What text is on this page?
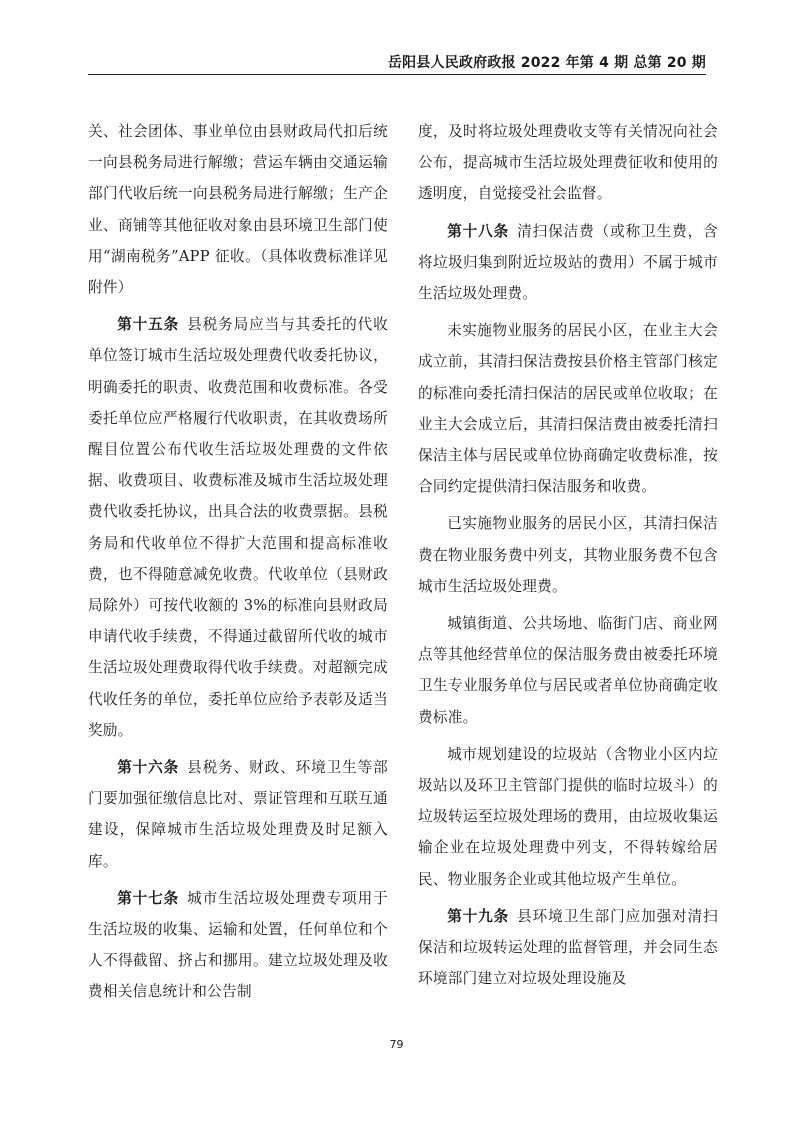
岳阳县人民政府政报 2022 年第 4 期 总第 20 期

关、社会团体、事业单位由县财政局代扣后统一向县税务局进行解缴；营运车辆由交通运输部门代收后统一向县税务局进行解缴；生产企业、商铺等其他征收对象由县环境卫生部门使用“湖南税务”APP 征收。（具体收费标准详见附件）

第十五条 县税务局应当与其委托的代收单位签订城市生活垃圾处理费代收委托协议，明确委托的职责、收费范围和收费标准。各受委托单位应严格履行代收职责，在其收费场所醒目位置公布代收生活垃圾处理费的文件依据、收费项目、收费标准及城市生活垃圾处理费代收委托协议，出具合法的收费票据。县税务局和代收单位不得扩大范围和提高标准收费，也不得随意减免收费。代收单位（县财政局除外）可按代收额的 3%的标准向县财政局申请代收手续费，不得通过截留所代收的城市生活垃圾处理费取得代收手续费。对超额完成代收任务的单位，委托单位应给予表彰及适当奖励。

第十六条 县税务、财政、环境卫生等部门要加强征缴信息比对、票证管理和互联互通建设，保障城市生活垃圾处理费及时足额入库。

第十七条 城市生活垃圾处理费专项用于生活垃圾的收集、运输和处置，任何单位和个人不得截留、挤占和挪用。建立垃圾处理及收费相关信息统计和公告制

度，及时将垃圾处理费收支等有关情况向社会公布，提高城市生活垃圾处理费征收和使用的透明度，自觉接受社会监督。

第十八条 清扫保洁费（或称卫生费，含将垃圾归集到附近垃圾站的费用）不属于城市生活垃圾处理费。

未实施物业服务的居民小区，在业主大会成立前，其清扫保洁费按县价格主管部门核定的标准向委托清扫保洁的居民或单位收取；在业主大会成立后，其清扫保洁费由被委托清扫保洁主体与居民或单位协商确定收费标准，按合同约定提供清扫保洁服务和收费。

已实施物业服务的居民小区，其清扫保洁费在物业服务费中列支，其物业服务费不包含城市生活垃圾处理费。

城镇街道、公共场地、临街门店、商业网点等其他经营单位的保洁服务费由被委托环境卫生专业服务单位与居民或者单位协商确定收费标准。

城市规划建设的垃圾站（含物业小区内垃圾站以及环卫主管部门提供的临时垃圾斗）的垃圾转运至垃圾处理场的费用，由垃圾收集运输企业在垃圾处理费中列支，不得转嫁给居民、物业服务企业或其他垃圾产生单位。

第十九条 县环境卫生部门应加强对清扫保洁和垃圾转运处理的监督管理，并会同生态环境部门建立对垃圾处理设施及

79
